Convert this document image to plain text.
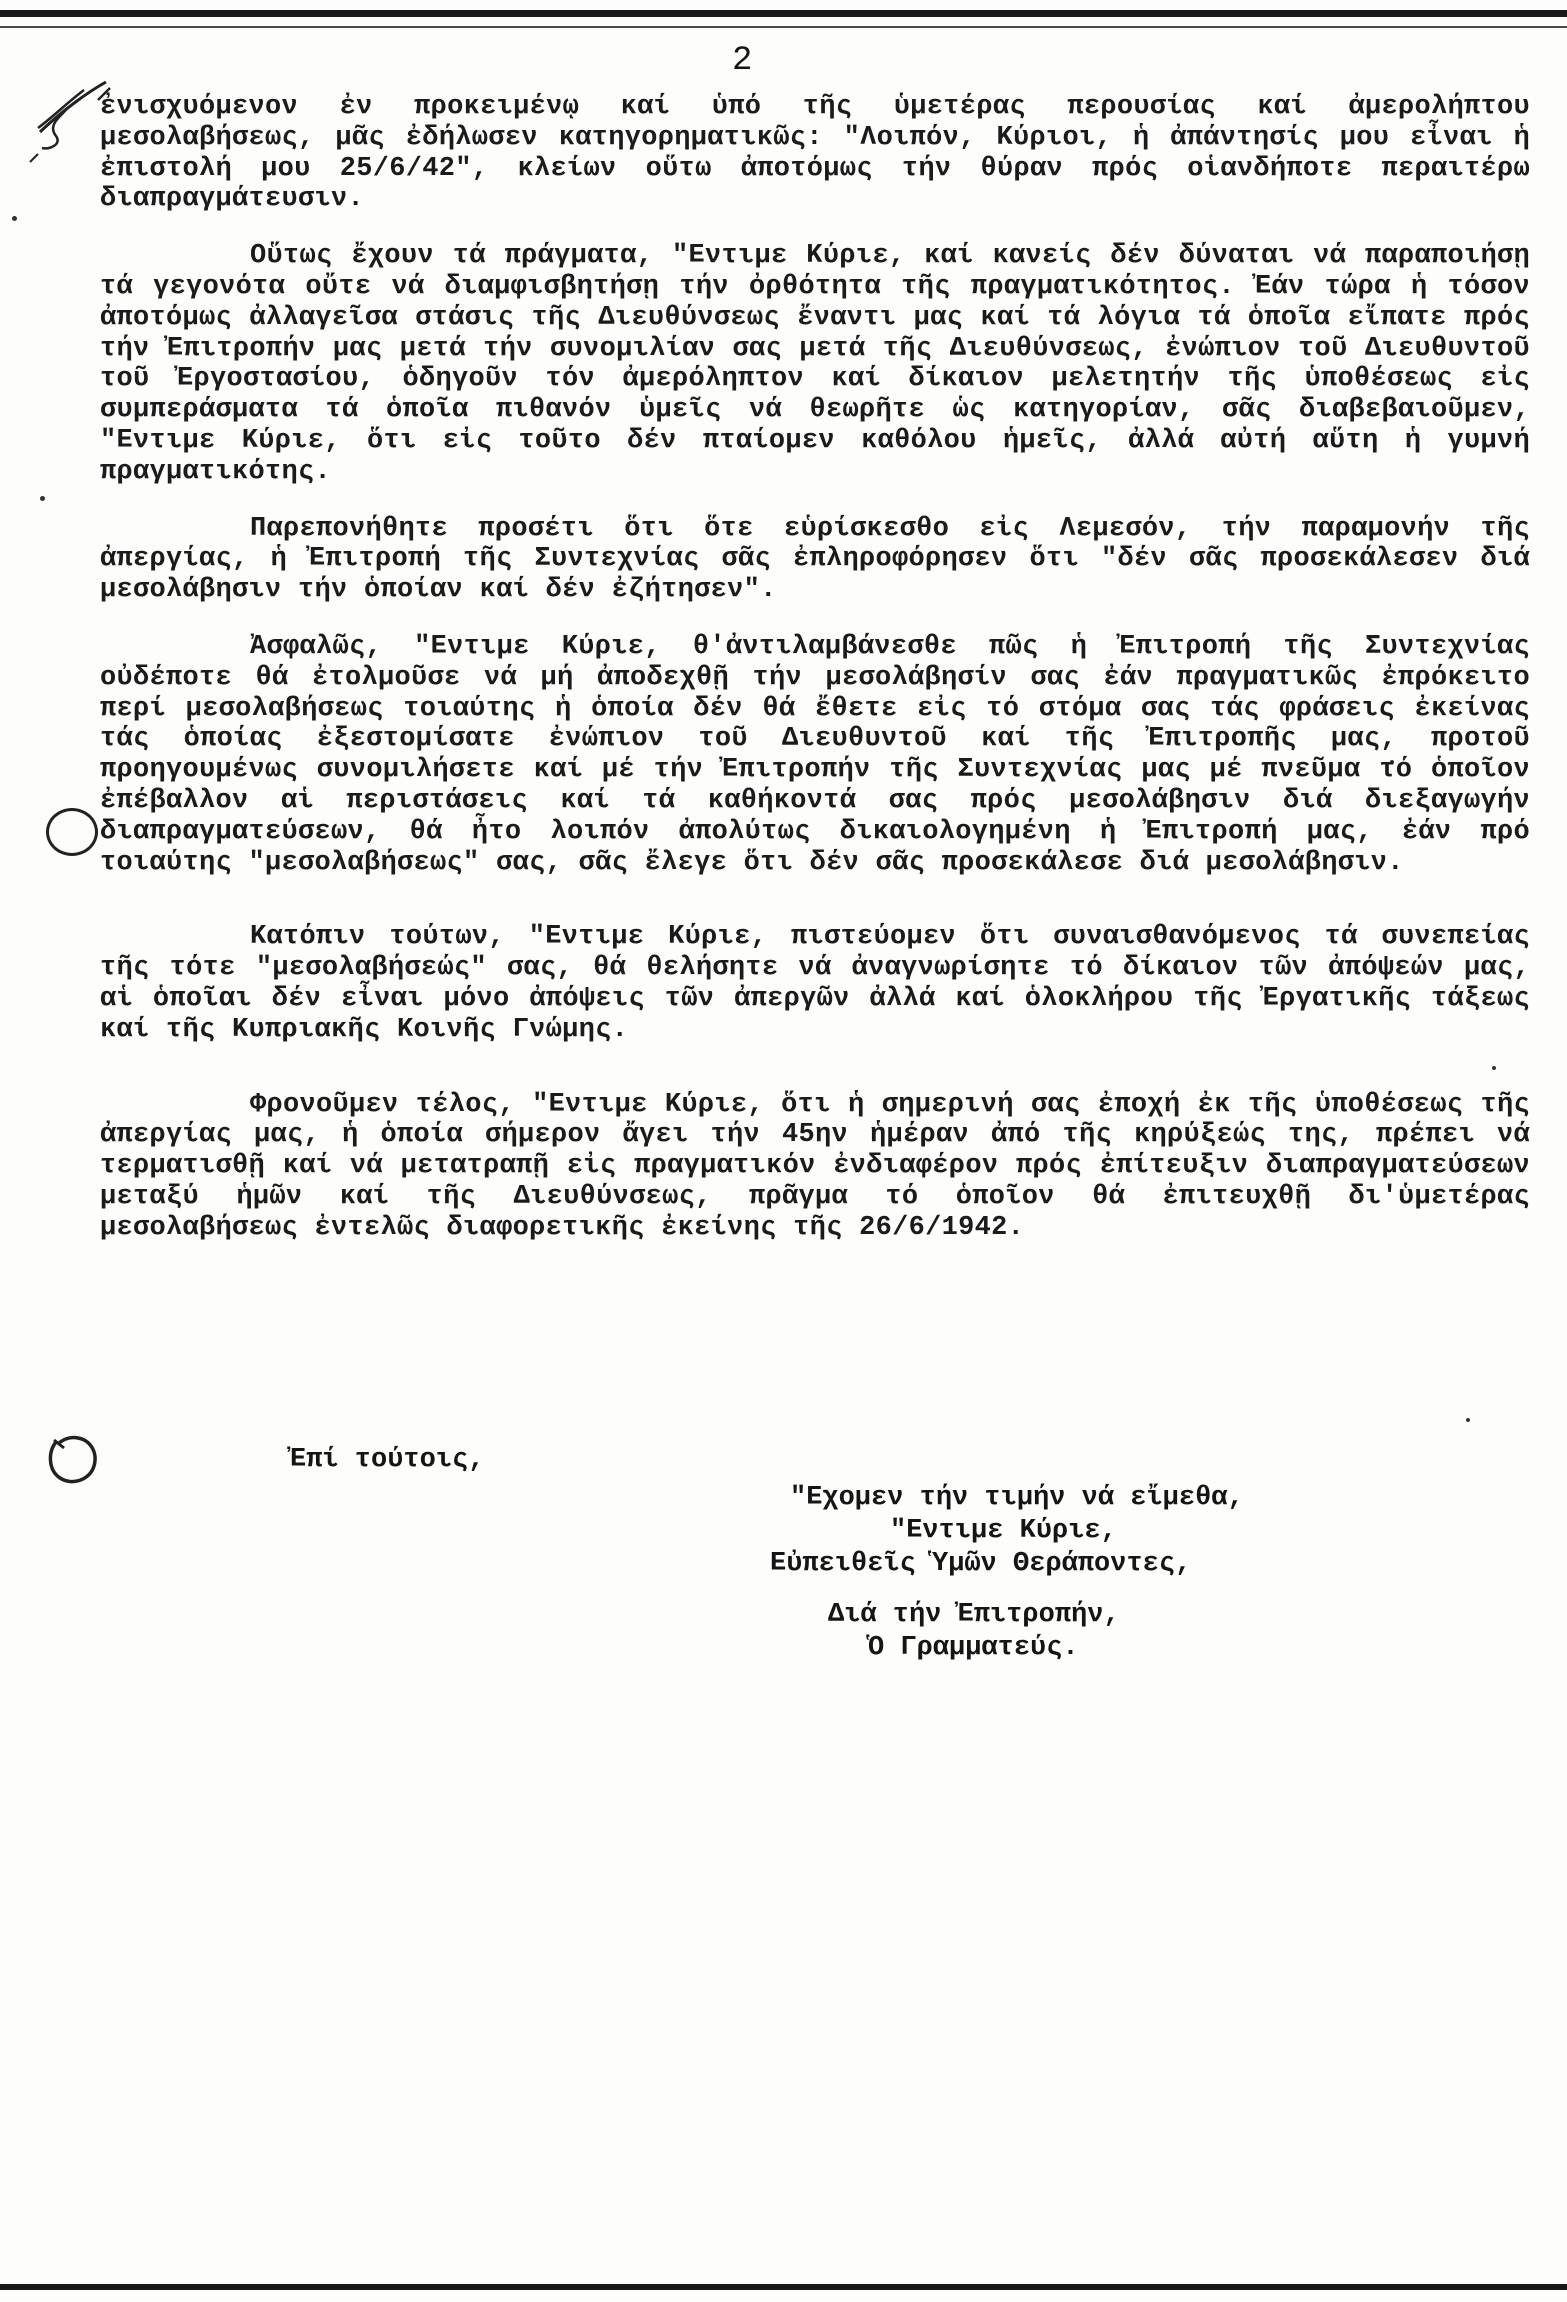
2

ἐνισχυόμενον ἐν προκειμένῳ καί ὑπό τῆς ὑμετέρας περουσίας καί ἀμερολήπτου μεσολαβήσεως, μᾶς ἐδήλωσεν κατηγορηματικῶς: "Λοιπόν, Κύριοι, ἡ ἀπάντησίς μου εἶναι ἡ ἐπιστολή μου 25/6/42", κλείων οὕτω ἀποτόμως τήν θύραν πρός οἱανδήποτε περαιτέρω διαπραγμάτευσιν.

Οὕτως ἔχουν τά πράγματα, "Εντιμε Κύριε, καί κανείς δέν δύναται νά παραποιήσῃ τά γεγονότα οὔτε νά διαμφισβητήσῃ τήν ὀρθότητα τῆς πραγματικότητος. Ἐάν τώρα ἡ τόσον ἀποτόμως ἀλλαγεῖσα στάσις τῆς Διευθύνσεως ἔναντι μας καί τά λόγια τά ὁποῖα εἴπατε πρός τήν Ἐπιτροπήν μας μετά τήν συνομιλίαν σας μετά τῆς Διευθύνσεως, ἐνώπιον τοῦ Διευθυντοῦ τοῦ Ἐργοστασίου, ὁδηγοῦν τόν ἀμερόληπτον καί δίκαιον μελετητήν τῆς ὑποθέσεως εἰς συμπεράσματα τά ὁποῖα πιθανόν ὑμεῖς νά θεωρῆτε ὡς κατηγορίαν, σᾶς διαβεβαιοῦμεν, "Εντιμε Κύριε, ὅτι εἰς τοῦτο δέν πταίομεν καθόλου ἡμεῖς, ἀλλά αὐτή αὕτη ἡ γυμνή πραγματικότης.

Παρεπονήθητε προσέτι ὅτι ὅτε εὑρίσκεσθο εἰς Λεμεσόν, τήν παραμονήν τῆς ἀπεργίας, ἡ Ἐπιτροπή τῆς Συντεχνίας σᾶς ἐπληροφόρησεν ὅτι "δέν σᾶς προσεκάλεσεν διά μεσολάβησιν τήν ὁποίαν καί δέν ἐζήτησεν".

Ἀσφαλῶς, "Εντιμε Κύριε, θ'ἀντιλαμβάνεσθε πῶς ἡ Ἐπιτροπή τῆς Συντεχνίας οὐδέποτε θά ἐτολμοῦσε νά μή ἀποδεχθῇ τήν μεσολάβησίν σας ἐάν πραγματικῶς ἐπρόκειτο περί μεσολαβήσεως τοιαύτης ἡ ὁποία δέν θά ἔθετε εἰς τό στόμα σας τάς φράσεις ἐκείνας τάς ὁποίας ἐξεστομίσατε ἐνώπιον τοῦ Διευθυντοῦ καί τῆς Ἐπιτροπῆς μας, προτοῦ προηγουμένως συνομιλήσετε καί μέ τήν Ἐπιτροπήν τῆς Συντεχνίας μας μέ πνεῦμα τό ὁποῖον ἐπέβαλλον αἱ περιστάσεις καί τά καθήκοντά σας πρός μεσολάβησιν διά διεξαγωγήν διαπραγματεύσεων, θά ἦτο λοιπόν ἀπολύτως δικαιολογημένη ἡ Ἐπιτροπή μας, ἐάν πρό τοιαύτης "μεσολαβήσεως" σας, σᾶς ἔλεγε ὅτι δέν σᾶς προσεκάλεσε διά μεσολάβησιν.

Κατόπιν τούτων, "Εντιμε Κύριε, πιστεύομεν ὅτι συναισθανόμενος τά συνεπείας τῆς τότε "μεσολαβήσεώς" σας, θά θελήσητε νά ἀναγνωρίσητε τό δίκαιον τῶν ἀπόψεών μας, αἱ ὁποῖαι δέν εἶναι μόνο ἀπόψεις τῶν ἀπεργῶν ἀλλά καί ὁλοκλήρου τῆς Ἐργατικῆς τάξεως καί τῆς Κυπριακῆς Κοινῆς Γνώμης.

Φρονοῦμεν τέλος, "Εντιμε Κύριε, ὅτι ἡ σημερινή σας ἐποχή ἐκ τῆς ὑποθέσεως τῆς ἀπεργίας μας, ἡ ὁποία σήμερον ἄγει τήν 45ην ἡμέραν ἀπό τῆς κηρύξεώς της, πρέπει νά τερματισθῇ καί νά μετατραπῇ εἰς πραγματικόν ἐνδιαφέρον πρός ἐπίτευξιν διαπραγματεύσεων μεταξύ ἡμῶν καί τῆς Διευθύνσεως, πρᾶγμα τό ὁποῖον θά ἐπιτευχθῇ δι'ὑμετέρας μεσολαβήσεως ἐντελῶς διαφορετικῆς ἐκείνης τῆς 26/6/1942.

Ἐπί τούτοις,
"Εχομεν τήν τιμήν νά εἴμεθα,
"Εντιμε Κύριε,
Εὐπειθεῖς Ὑμῶν Θεράποντες,
Διά τήν Ἐπιτροπήν,
Ὁ Γραμματεύς.
